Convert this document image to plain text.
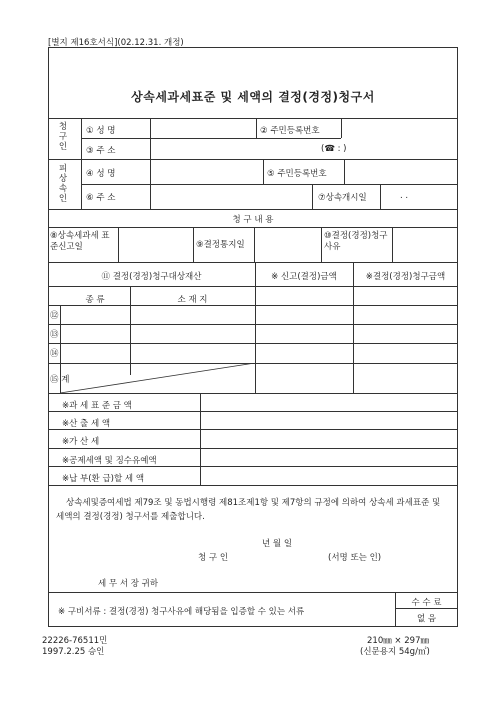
[별지 제16호서식](02.12.31. 개정)
상속세과세표준 및 세액의 결정(경정)청구서
청구인
① 성 명	② 주민등록번호
③ 주 소	(☎ : )
피상속인
④ 성 명	⑤ 주민등록번호
⑥ 주 소	⑦상속개시일	. .
청 구 내 용
⑧상속세과세 표준신고일	⑨결정통지일
⑩결정(경정)청구사유
⑪ 결정(경정)청구대상재산	※ 신고(결정)금액	※결정(경정)청구금액
종 류	소 재 지
⑫
⑬
⑭
⑮ 계
※과 세 표 준 금 액
※산 출 세 액
※가 산 세
※공제세액 및 징수유예액
※납 부(환 급)할 세 액
상속세및증여세법 제79조 및 동법시행령 제81조제1항 및 제7항의 규정에 의하여 상속세 과세표준 및 세액의 결정(경정) 청구서를 제출합니다.
년 월 일
청 구 인	(서명 또는 인)
세 무 서 장 귀하
※ 구비서류 : 결정(경정) 청구사유에 해당됨을 입증할 수 있는 서류
수 수 료
없 음
22226-76511민
1997.2.25 승인
210㎜ × 297㎜
(신문용지 54g/㎡)
